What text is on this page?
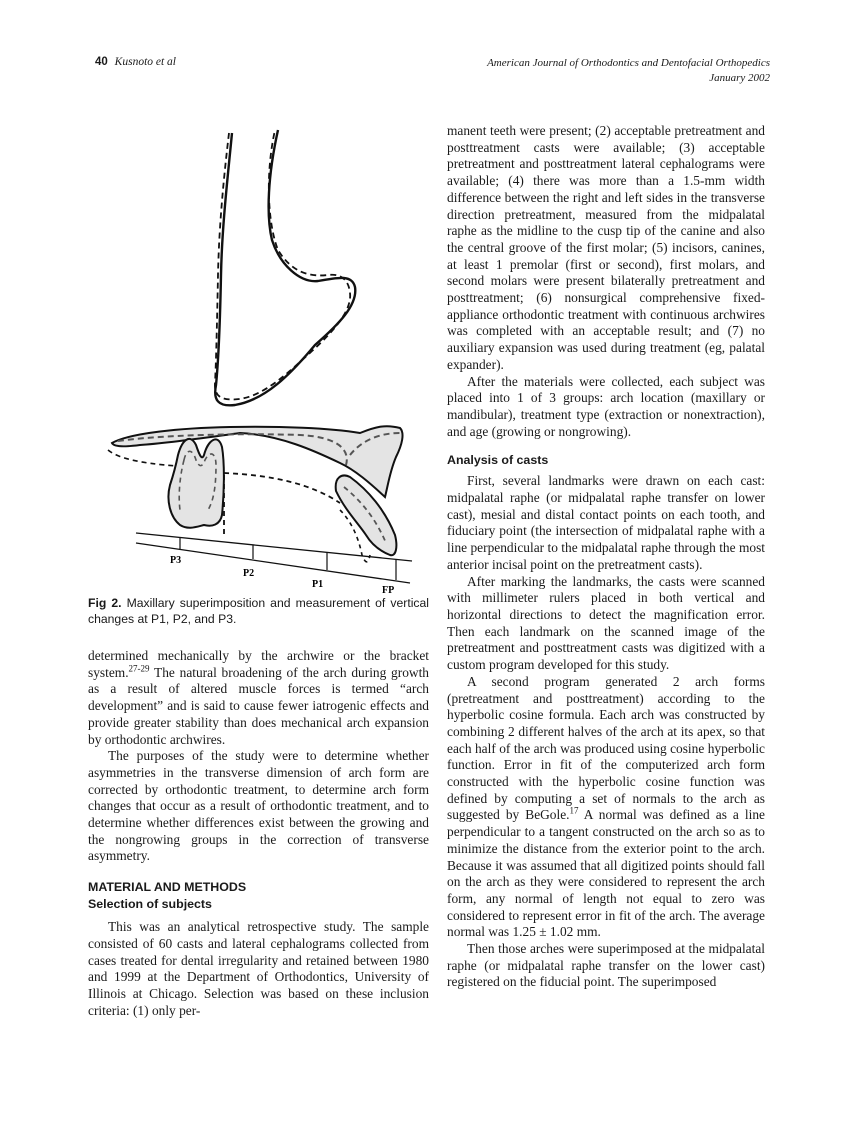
40 Kusnoto et al	American Journal of Orthodontics and Dentofacial Orthopedics
January 2002
P3
P2
P1
FP
Fig 2. Maxillary superimposition and measurement of vertical changes at P1, P2, and P3.

determined mechanically by the archwire or the bracket system.$^{27-29}$ The natural broadening of the arch during growth as a result of altered muscle forces is termed “arch development” and is said to cause fewer iatrogenic effects and provide greater stability than does mechanical arch expansion by orthodontic archwires.

The purposes of the study were to determine whether asymmetries in the transverse dimension of arch form are corrected by orthodontic treatment, to determine arch form changes that occur as a result of orthodontic treatment, and to determine whether differences exist between the growing and the nongrowing groups in the correction of transverse asymmetry.

MATERIAL AND METHODS
Selection of subjects

This was an analytical retrospective study. The sample consisted of 60 casts and lateral cephalograms collected from cases treated for dental irregularity and retained between 1980 and 1999 at the Department of Orthodontics, University of Illinois at Chicago. Selection was based on these inclusion criteria: (1) only per-

manent teeth were present; (2) acceptable pretreatment and posttreatment casts were available; (3) acceptable pretreatment and posttreatment lateral cephalograms were available; (4) there was more than a 1.5-mm width difference between the right and left sides in the transverse direction pretreatment, measured from the midpalatal raphe as the midline to the cusp tip of the canine and also the central groove of the first molar; (5) incisors, canines, at least 1 premolar (first or second), first molars, and second molars were present bilaterally pretreatment and posttreatment; (6) nonsurgical comprehensive fixed-appliance orthodontic treatment with continuous archwires was completed with an acceptable result; and (7) no auxiliary expansion was used during treatment (eg, palatal expander).

After the materials were collected, each subject was placed into 1 of 3 groups: arch location (maxillary or mandibular), treatment type (extraction or nonextraction), and age (growing or nongrowing).

Analysis of casts

First, several landmarks were drawn on each cast: midpalatal raphe (or midpalatal raphe transfer on lower cast), mesial and distal contact points on each tooth, and fiduciary point (the intersection of midpalatal raphe with a line perpendicular to the midpalatal raphe through the most anterior incisal point on the pretreatment casts).

After marking the landmarks, the casts were scanned with millimeter rulers placed in both vertical and horizontal directions to detect the magnification error. Then each landmark on the scanned image of the pretreatment and posttreatment casts was digitized with a custom program developed for this study.

A second program generated 2 arch forms (pretreatment and posttreatment) according to the hyperbolic cosine formula. Each arch was constructed by combining 2 different halves of the arch at its apex, so that each half of the arch was produced using cosine hyperbolic function. Error in fit of the computerized arch form constructed with the hyperbolic cosine function was defined by computing a set of normals to the arch as suggested by BeGole.$^{17}$ A normal was defined as a line perpendicular to a tangent constructed on the arch so as to minimize the distance from the exterior point to the arch. Because it was assumed that all digitized points should fall on the arch as they were considered to represent the arch form, any normal of length not equal to zero was considered to represent error in fit of the arch. The average normal was 1.25 ± 1.02 mm.

Then those arches were superimposed at the midpalatal raphe (or midpalatal raphe transfer on the lower cast) registered on the fiducial point. The superimposed
